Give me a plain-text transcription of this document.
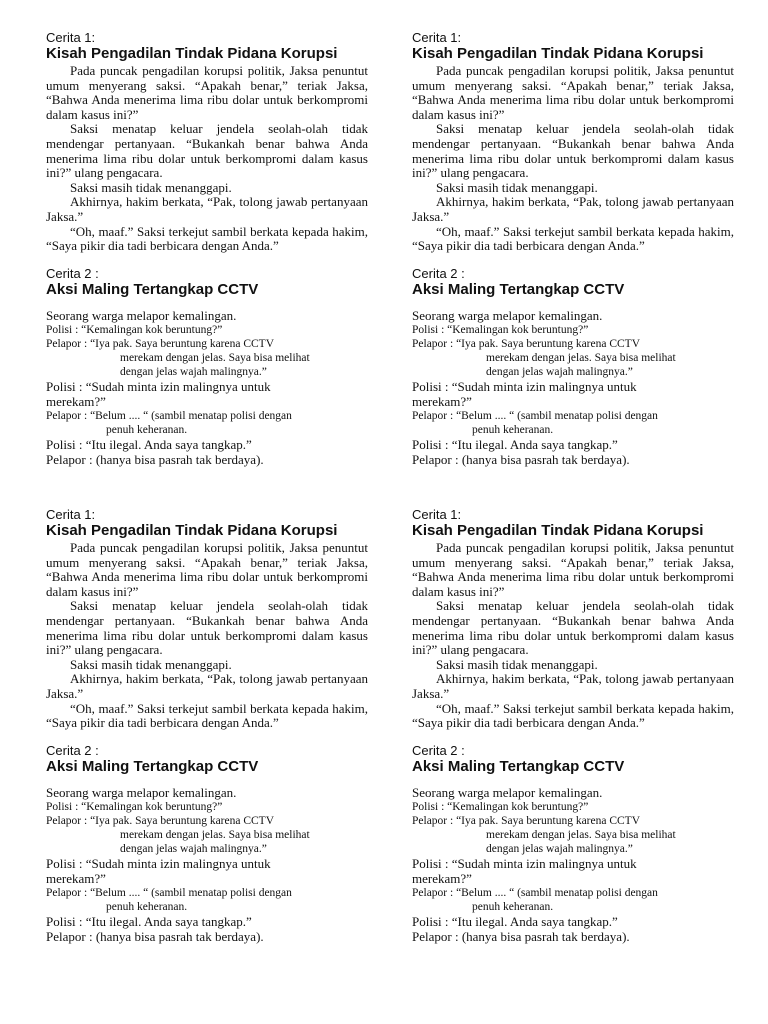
Cerita 1:
Kisah Pengadilan Tindak Pidana Korupsi

Pada puncak pengadilan korupsi politik, Jaksa penuntut umum menyerang saksi. “Apakah benar,” teriak Jaksa, “Bahwa Anda menerima lima ribu dolar untuk berkompromi dalam kasus ini?”

Saksi menatap keluar jendela seolah-olah tidak mendengar pertanyaan. “Bukankah benar bahwa Anda menerima lima ribu dolar untuk berkompromi dalam kasus ini?” ulang pengacara.

Saksi masih tidak menanggapi.

Akhirnya, hakim berkata, “Pak, tolong jawab pertanyaan Jaksa.”

“Oh, maaf.” Saksi terkejut sambil berkata kepada hakim, “Saya pikir dia tadi berbicara dengan Anda.”

Cerita 2 :
Aksi Maling Tertangkap CCTV
Seorang warga melapor kemalingan.
Polisi : “Kemalingan kok beruntung?”
Pelapor : “Iya pak. Saya beruntung karena CCTV
merekam dengan jelas. Saya bisa melihat
dengan jelas wajah malingnya.”
Polisi : “Sudah minta izin malingnya untuk
merekam?”
Pelapor : “Belum .... “ (sambil menatap polisi dengan
penuh keheranan.
Polisi : “Itu ilegal. Anda saya tangkap.”
Pelapor : (hanya bisa pasrah tak berdaya).
Cerita 1:
Kisah Pengadilan Tindak Pidana Korupsi

Pada puncak pengadilan korupsi politik, Jaksa penuntut umum menyerang saksi. “Apakah benar,” teriak Jaksa, “Bahwa Anda menerima lima ribu dolar untuk berkompromi dalam kasus ini?”

Saksi menatap keluar jendela seolah-olah tidak mendengar pertanyaan. “Bukankah benar bahwa Anda menerima lima ribu dolar untuk berkompromi dalam kasus ini?” ulang pengacara.

Saksi masih tidak menanggapi.

Akhirnya, hakim berkata, “Pak, tolong jawab pertanyaan Jaksa.”

“Oh, maaf.” Saksi terkejut sambil berkata kepada hakim, “Saya pikir dia tadi berbicara dengan Anda.”

Cerita 2 :
Aksi Maling Tertangkap CCTV
Seorang warga melapor kemalingan.
Polisi : “Kemalingan kok beruntung?”
Pelapor : “Iya pak. Saya beruntung karena CCTV
merekam dengan jelas. Saya bisa melihat
dengan jelas wajah malingnya.”
Polisi : “Sudah minta izin malingnya untuk
merekam?”
Pelapor : “Belum .... “ (sambil menatap polisi dengan
penuh keheranan.
Polisi : “Itu ilegal. Anda saya tangkap.”
Pelapor : (hanya bisa pasrah tak berdaya).
Cerita 1:
Kisah Pengadilan Tindak Pidana Korupsi

Pada puncak pengadilan korupsi politik, Jaksa penuntut umum menyerang saksi. “Apakah benar,” teriak Jaksa, “Bahwa Anda menerima lima ribu dolar untuk berkompromi dalam kasus ini?”

Saksi menatap keluar jendela seolah-olah tidak mendengar pertanyaan. “Bukankah benar bahwa Anda menerima lima ribu dolar untuk berkompromi dalam kasus ini?” ulang pengacara.

Saksi masih tidak menanggapi.

Akhirnya, hakim berkata, “Pak, tolong jawab pertanyaan Jaksa.”

“Oh, maaf.” Saksi terkejut sambil berkata kepada hakim, “Saya pikir dia tadi berbicara dengan Anda.”

Cerita 2 :
Aksi Maling Tertangkap CCTV
Seorang warga melapor kemalingan.
Polisi : “Kemalingan kok beruntung?”
Pelapor : “Iya pak. Saya beruntung karena CCTV
merekam dengan jelas. Saya bisa melihat
dengan jelas wajah malingnya.”
Polisi : “Sudah minta izin malingnya untuk
merekam?”
Pelapor : “Belum .... “ (sambil menatap polisi dengan
penuh keheranan.
Polisi : “Itu ilegal. Anda saya tangkap.”
Pelapor : (hanya bisa pasrah tak berdaya).
Cerita 1:
Kisah Pengadilan Tindak Pidana Korupsi

Pada puncak pengadilan korupsi politik, Jaksa penuntut umum menyerang saksi. “Apakah benar,” teriak Jaksa, “Bahwa Anda menerima lima ribu dolar untuk berkompromi dalam kasus ini?”

Saksi menatap keluar jendela seolah-olah tidak mendengar pertanyaan. “Bukankah benar bahwa Anda menerima lima ribu dolar untuk berkompromi dalam kasus ini?” ulang pengacara.

Saksi masih tidak menanggapi.

Akhirnya, hakim berkata, “Pak, tolong jawab pertanyaan Jaksa.”

“Oh, maaf.” Saksi terkejut sambil berkata kepada hakim, “Saya pikir dia tadi berbicara dengan Anda.”

Cerita 2 :
Aksi Maling Tertangkap CCTV
Seorang warga melapor kemalingan.
Polisi : “Kemalingan kok beruntung?”
Pelapor : “Iya pak. Saya beruntung karena CCTV
merekam dengan jelas. Saya bisa melihat
dengan jelas wajah malingnya.”
Polisi : “Sudah minta izin malingnya untuk
merekam?”
Pelapor : “Belum .... “ (sambil menatap polisi dengan
penuh keheranan.
Polisi : “Itu ilegal. Anda saya tangkap.”
Pelapor : (hanya bisa pasrah tak berdaya).
